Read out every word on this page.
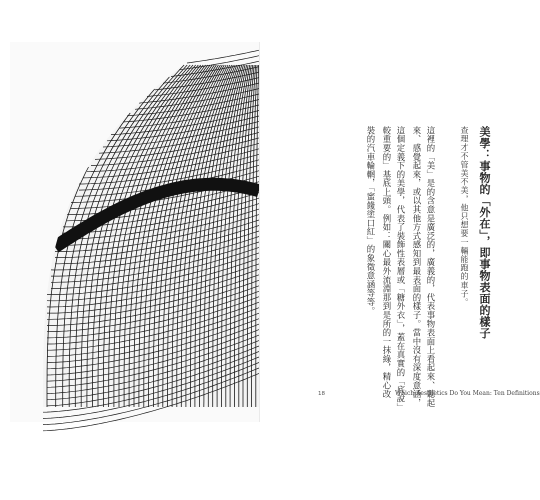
美學：事物的「外在」，即事物表面的樣子
查理才不管美不美，他只想要一輛能跑的車子。
這裡的「美」是的含意是廣泛的，廣義的，代表事物表面上看起來、聽起
來、感覺起來，或以其他方式感知到最表面的樣子。當中沒有深度意涵，
這個定義下的美學，代表了裝飾性表層或「糖外衣」，蓋在真實的「底說」
較重要的」基底上頭。例如：關心最外流淵那到是所的一抹綠，精心改
裝的汽車輪輞，「蜜餞塗口紅」的象徵意涵等等。
18	Which Aesthetics Do You Mean: Ten Definitions
